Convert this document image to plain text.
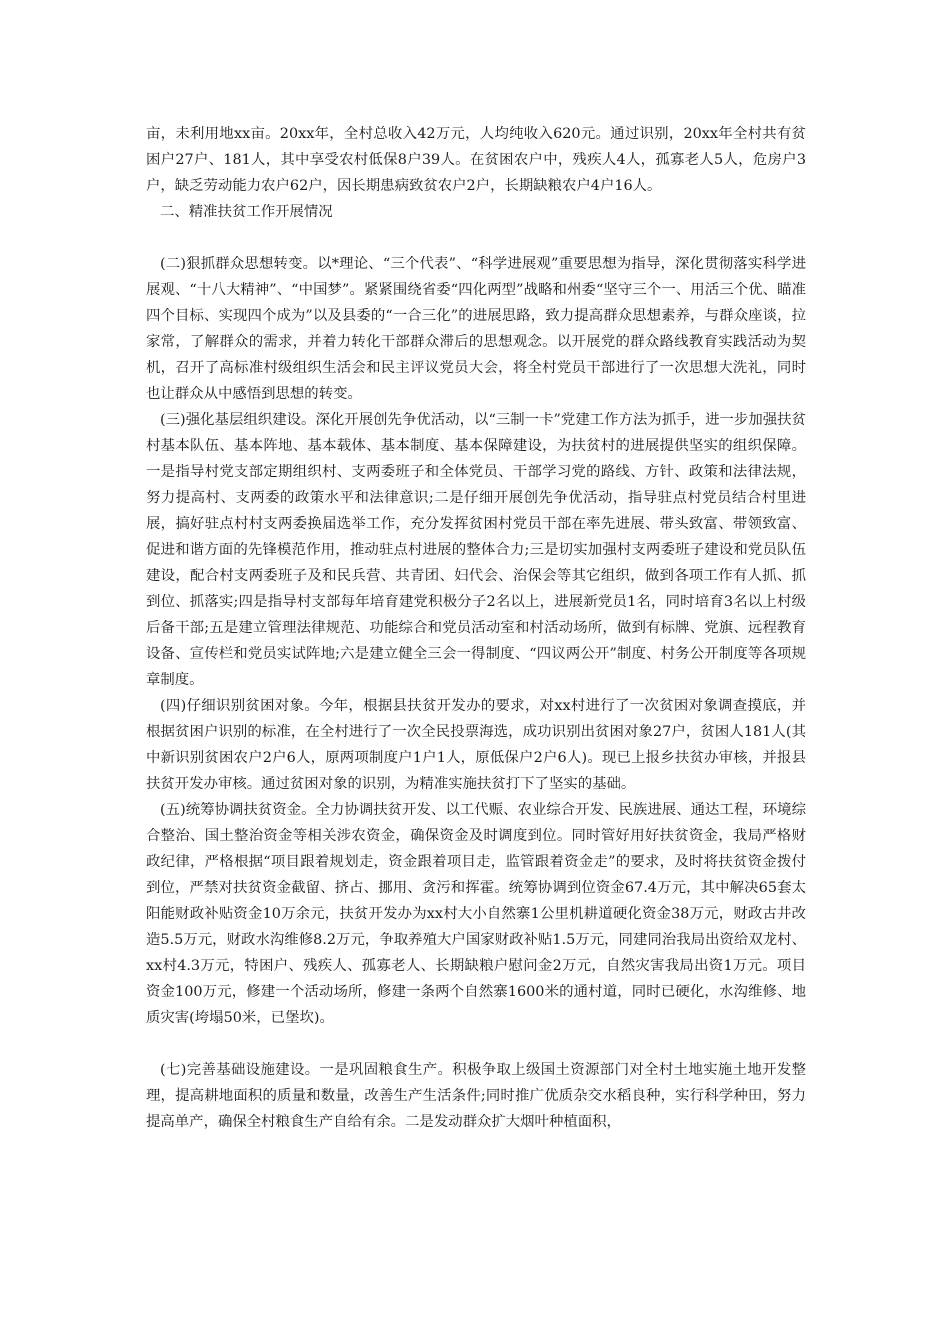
亩，未利用地xx亩。20xx年，全村总收入42万元，人均纯收入620元。通过识别，20xx年全村共有贫困户27户、181人，其中享受农村低保8户39人。在贫困农户中，残疾人4人，孤寡老人5人，危房户3户，缺乏劳动能力农户62户，因长期患病致贫农户2户，长期缺粮农户4户16人。

二、精准扶贫工作开展情况

(二)狠抓群众思想转变。以*理论、“三个代表”、“科学进展观”重要思想为指导，深化贯彻落实科学进展观、“十八大精神”、“中国梦”。紧紧围绕省委“四化两型”战略和州委“坚守三个一、用活三个优、瞄准四个目标、实现四个成为”以及县委的“一合三化”的进展思路，致力提高群众思想素养，与群众座谈，拉家常，了解群众的需求，并着力转化干部群众滞后的思想观念。以开展党的群众路线教育实践活动为契机，召开了高标准村级组织生活会和民主评议党员大会，将全村党员干部进行了一次思想大洗礼，同时也让群众从中感悟到思想的转变。

(三)强化基层组织建设。深化开展创先争优活动，以“三制一卡”党建工作方法为抓手，进一步加强扶贫村基本队伍、基本阵地、基本载体、基本制度、基本保障建设，为扶贫村的进展提供坚实的组织保障。一是指导村党支部定期组织村、支两委班子和全体党员、干部学习党的路线、方针、政策和法律法规，努力提高村、支两委的政策水平和法律意识;二是仔细开展创先争优活动，指导驻点村党员结合村里进展，搞好驻点村村支两委换届选举工作，充分发挥贫困村党员干部在率先进展、带头致富、带领致富、促进和谐方面的先锋模范作用，推动驻点村进展的整体合力;三是切实加强村支两委班子建设和党员队伍建设，配合村支两委班子及和民兵营、共青团、妇代会、治保会等其它组织，做到各项工作有人抓、抓到位、抓落实;四是指导村支部每年培育建党积极分子2名以上，进展新党员1名，同时培育3名以上村级后备干部;五是建立管理法律规范、功能综合和党员活动室和村活动场所，做到有标牌、党旗、远程教育设备、宣传栏和党员实试阵地;六是建立健全三会一得制度、“四议两公开”制度、村务公开制度等各项规章制度。

(四)仔细识别贫困对象。今年，根据县扶贫开发办的要求，对xx村进行了一次贫困对象调查摸底，并根据贫困户识别的标准，在全村进行了一次全民投票海选，成功识别出贫困对象27户，贫困人181人(其中新识别贫困农户2户6人，原两项制度户1户1人，原低保户2户6人)。现已上报乡扶贫办审核，并报县扶贫开发办审核。通过贫困对象的识别，为精准实施扶贫打下了坚实的基础。

(五)统筹协调扶贫资金。全力协调扶贫开发、以工代赈、农业综合开发、民族进展、通达工程，环境综合整治、国土整治资金等相关涉农资金，确保资金及时调度到位。同时管好用好扶贫资金，我局严格财政纪律，严格根据“项目跟着规划走，资金跟着项目走，监管跟着资金走”的要求，及时将扶贫资金拨付到位，严禁对扶贫资金截留、挤占、挪用、贪污和挥霍。统筹协调到位资金67.4万元，其中解决65套太阳能财政补贴资金10万余元，扶贫开发办为xx村大小自然寨1公里机耕道硬化资金38万元，财政古井改造5.5万元，财政水沟维修8.2万元，争取养殖大户国家财政补贴1.5万元，同建同治我局出资给双龙村、xx村4.3万元，特困户、残疾人、孤寡老人、长期缺粮户慰问金2万元，自然灾害我局出资1万元。项目资金100万元，修建一个活动场所，修建一条两个自然寨1600米的通村道，同时已硬化，水沟维修、地质灾害(垮塌50米，已堡坎)。

(七)完善基础设施建设。一是巩固粮食生产。积极争取上级国土资源部门对全村土地实施土地开发整理，提高耕地面积的质量和数量，改善生产生活条件;同时推广优质杂交水稻良种，实行科学种田，努力提高单产，确保全村粮食生产自给有余。二是发动群众扩大烟叶种植面积，
